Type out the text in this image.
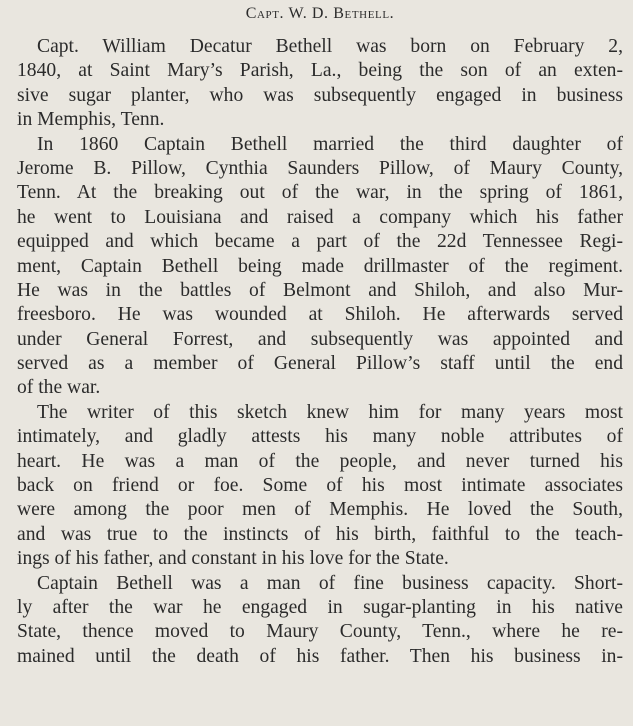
Capt. W. D. Bethell.
Capt. William Decatur Bethell was born on February 2,
1840, at Saint Mary’s Parish, La., being the son of an exten-
sive sugar planter, who was subsequently engaged in business
in Memphis, Tenn.
In 1860 Captain Bethell married the third daughter of
Jerome B. Pillow, Cynthia Saunders Pillow, of Maury County,
Tenn. At the breaking out of the war, in the spring of 1861,
he went to Louisiana and raised a company which his father
equipped and which became a part of the 22d Tennessee Regi-
ment, Captain Bethell being made drillmaster of the regiment.
He was in the battles of Belmont and Shiloh, and also Mur-
freesboro. He was wounded at Shiloh. He afterwards served
under General Forrest, and subsequently was appointed and
served as a member of General Pillow’s staff until the end
of the war.
The writer of this sketch knew him for many years most
intimately, and gladly attests his many noble attributes of
heart. He was a man of the people, and never turned his
back on friend or foe. Some of his most intimate associates
were among the poor men of Memphis. He loved the South,
and was true to the instincts of his birth, faithful to the teach-
ings of his father, and constant in his love for the State.
Captain Bethell was a man of fine business capacity. Short-
ly after the war he engaged in sugar-planting in his native
State, thence moved to Maury County, Tenn., where he re-
mained until the death of his father. Then his business in-
